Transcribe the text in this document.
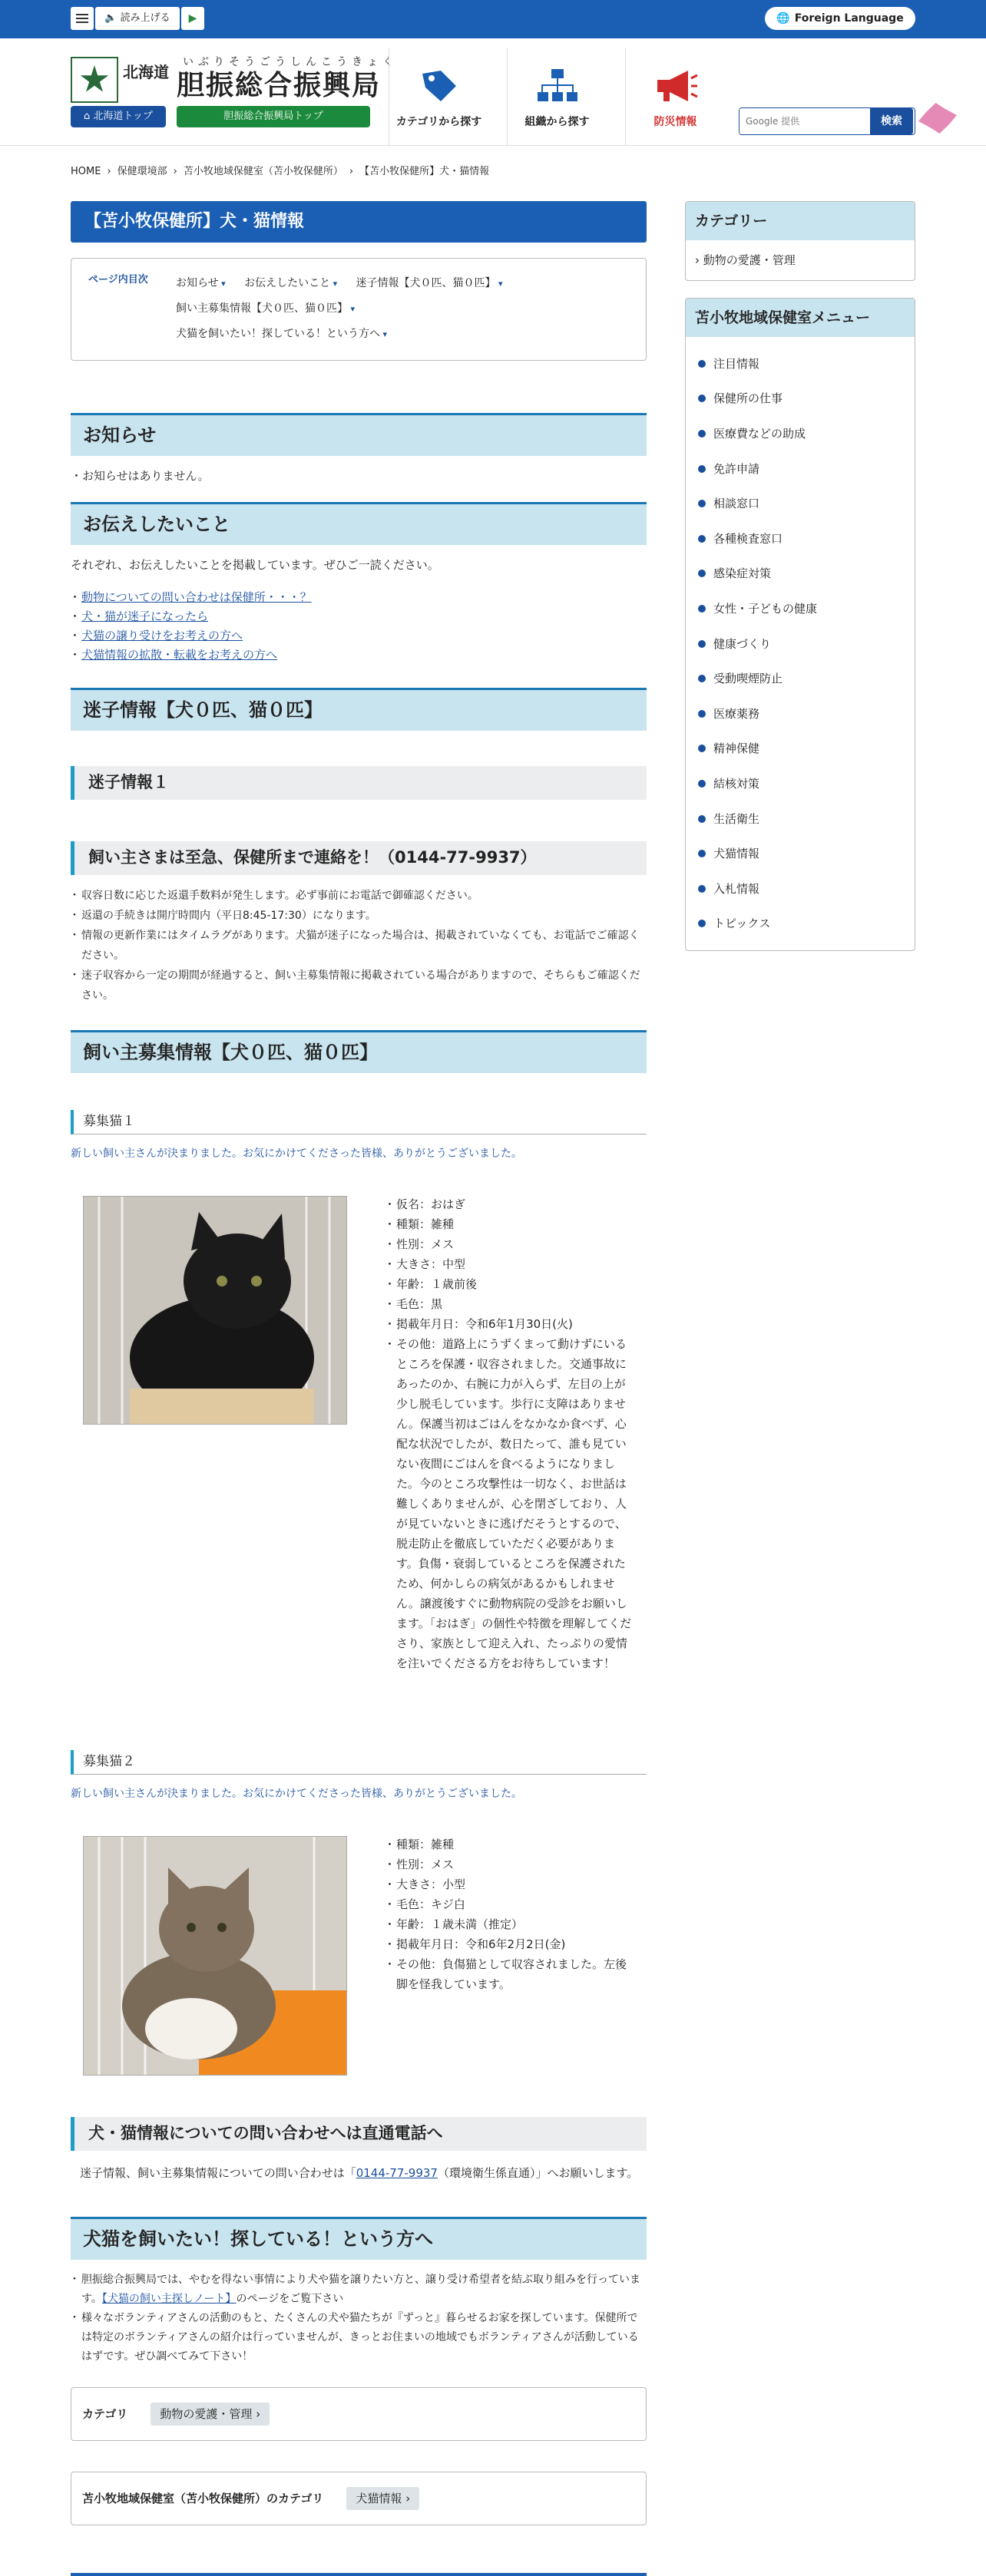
🔈 読み上げる ▶	🌐 Foreign Language
北海道
⌂ 北海道トップ
いぶりそうごうしんこうきょく
胆振総合振興局
胆振総合振興局トップ	カテゴリから探す	組織から探す	防災情報
Google 提供	検索
HOME › 保健環境部 › 苫小牧地域保健室（苫小牧保健所） › 【苫小牧保健所】犬・猫情報
【苫小牧保健所】犬・猫情報
ページ内目次	お知らせ ▾ お伝えしたいこと ▾ 迷子情報【犬０匹、猫０匹】 ▾
飼い主募集情報【犬０匹、猫０匹】 ▾
犬猫を飼いたい！探している！という方へ ▾
お知らせ
・お知らせはありません。
お伝えしたいこと
それぞれ、お伝えしたいことを掲載しています。ぜひご一読ください。
・ 動物についての問い合わせは保健所・・・？
・ 犬・猫が迷子になったら
・ 犬猫の譲り受けをお考えの方へ
・ 犬猫情報の拡散・転載をお考えの方へ
迷子情報【犬０匹、猫０匹】
迷子情報１
飼い主さまは至急、保健所まで連絡を！（0144-77-9937）
・ 収容日数に応じた返還手数料が発生します。必ず事前にお電話で御確認ください。
・ 返還の手続きは開庁時間内（平日8:45-17:30）になります。
・ 情報の更新作業にはタイムラグがあります。犬猫が迷子になった場合は、掲載されていなくても、お電話でご確認ください。
・ 迷子収容から一定の期間が経過すると、飼い主募集情報に掲載されている場合がありますので、そちらもご確認ください。
飼い主募集情報【犬０匹、猫０匹】
募集猫１
新しい飼い主さんが決まりました。お気にかけてくださった皆様、ありがとうございました。
・ 仮名：おはぎ
・ 種類：雑種
・ 性別：メス
・ 大きさ：中型
・ 年齢：１歳前後
・ 毛色：黒
・ 掲載年月日：令和6年1月30日(火)
・ その他：道路上にうずくまって動けずにいるところを保護・収容されました。交通事故にあったのか、右腕に力が入らず、左目の上が少し脱毛しています。歩行に支障はありません。保護当初はごはんをなかなか食べず、心配な状況でしたが、数日たって、誰も見ていない夜間にごはんを食べるようになりました。今のところ攻撃性は一切なく、お世話は難しくありませんが、心を閉ざしており、人が見ていないときに逃げだそうとするので、脱走防止を徹底していただく必要があります。負傷・衰弱しているところを保護されたため、何かしらの病気があるかもしれません。譲渡後すぐに動物病院の受診をお願いします。「おはぎ」の個性や特徴を理解してくださり、家族として迎え入れ、たっぷりの愛情を注いでくださる方をお待ちしています！
募集猫２
新しい飼い主さんが決まりました。お気にかけてくださった皆様、ありがとうございました。
・ 種類：雑種
・ 性別：メス
・ 大きさ：小型
・ 毛色：キジ白
・ 年齢：１歳未満（推定）
・ 掲載年月日：令和6年2月2日(金)
・ その他：負傷猫として収容されました。左後脚を怪我しています。
犬・猫情報についての問い合わせへは直通電話へ
迷子情報、飼い主募集情報についての問い合わせは「0144-77-9937（環境衛生係直通）」へお願いします。
犬猫を飼いたい！探している！という方へ
・ 胆振総合振興局では、やむを得ない事情により犬や猫を譲りたい方と、譲り受け希望者を結ぶ取り組みを行っています。【犬猫の飼い主探しノート】のページをご覧下さい
・ 様々なボランティアさんの活動のもと、たくさんの犬や猫たちが『ずっと』暮らせるお家を探しています。保健所では特定のボランティアさんの紹介は行っていませんが、きっとお住まいの地域でもボランティアさんが活動しているはずです。ぜひ調べてみて下さい！
カテゴリ	動物の愛護・管理 ›
苫小牧地域保健室（苫小牧保健所）のカテゴリ	犬猫情報 ›
カテゴリー
› 動物の愛護・管理
苫小牧地域保健室メニュー
注目情報
保健所の仕事
医療費などの助成
免許申請
相談窓口
各種検査窓口
感染症対策
女性・子どもの健康
健康づくり
受動喫煙防止
医療薬務
精神保健
結核対策
生活衛生
犬猫情報
入札情報
トピックス
